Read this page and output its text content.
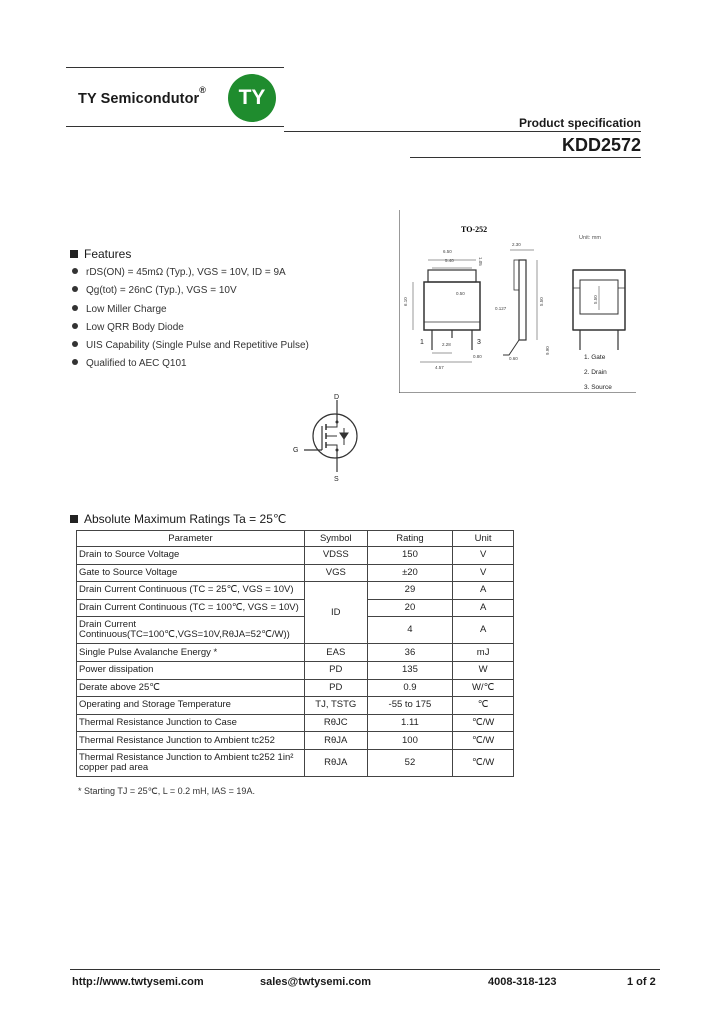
TY Semicondutor®	TY
Product specification
KDD2572
Features
rDS(ON) = 45mΩ (Typ.), VGS = 10V, ID = 9A
Qg(tot) = 26nC (Typ.), VGS = 10V
Low Miller Charge
Low QRR Body Diode
UIS Capability (Single Pulse and Repetitive Pulse)
Qualified to AEC Q101
TO-252
Unit: mm
6.50
5.40
6.10
0.50
1.05
1	3
2.28
4.57
0.80
2.30
0.127
5.50
9.90
0.60
5.50
1. Gate
2. Drain
3. Source
D
G
S
Absolute Maximum Ratings Ta = 25℃
Parameter	Symbol	Rating	Unit
Drain to Source Voltage	VDSS	150	V
Gate to Source Voltage	VGS	±20	V
Drain Current Continuous (TC = 25℃, VGS = 10V)	ID	29	A
Drain Current Continuous (TC = 100℃, VGS = 10V)		20	A
Drain Current Continuous(TC=100℃,VGS=10V,RθJA=52℃/W))		4	A
Single Pulse Avalanche Energy *	EAS	36	mJ
Power dissipation	PD	135	W
Derate above 25℃	PD	0.9	W/℃
Operating and Storage Temperature	TJ, TSTG	-55 to 175	℃
Thermal Resistance Junction to Case	RθJC	1.11	℃/W
Thermal Resistance Junction to Ambient tc252	RθJA	100	℃/W
Thermal Resistance Junction to Ambient tc252 1in² copper pad area	RθJA	52	℃/W
* Starting TJ = 25℃, L = 0.2 mH, IAS = 19A.
http://www.twtysemi.com	sales@twtysemi.com	4008-318-123	1 of 2
